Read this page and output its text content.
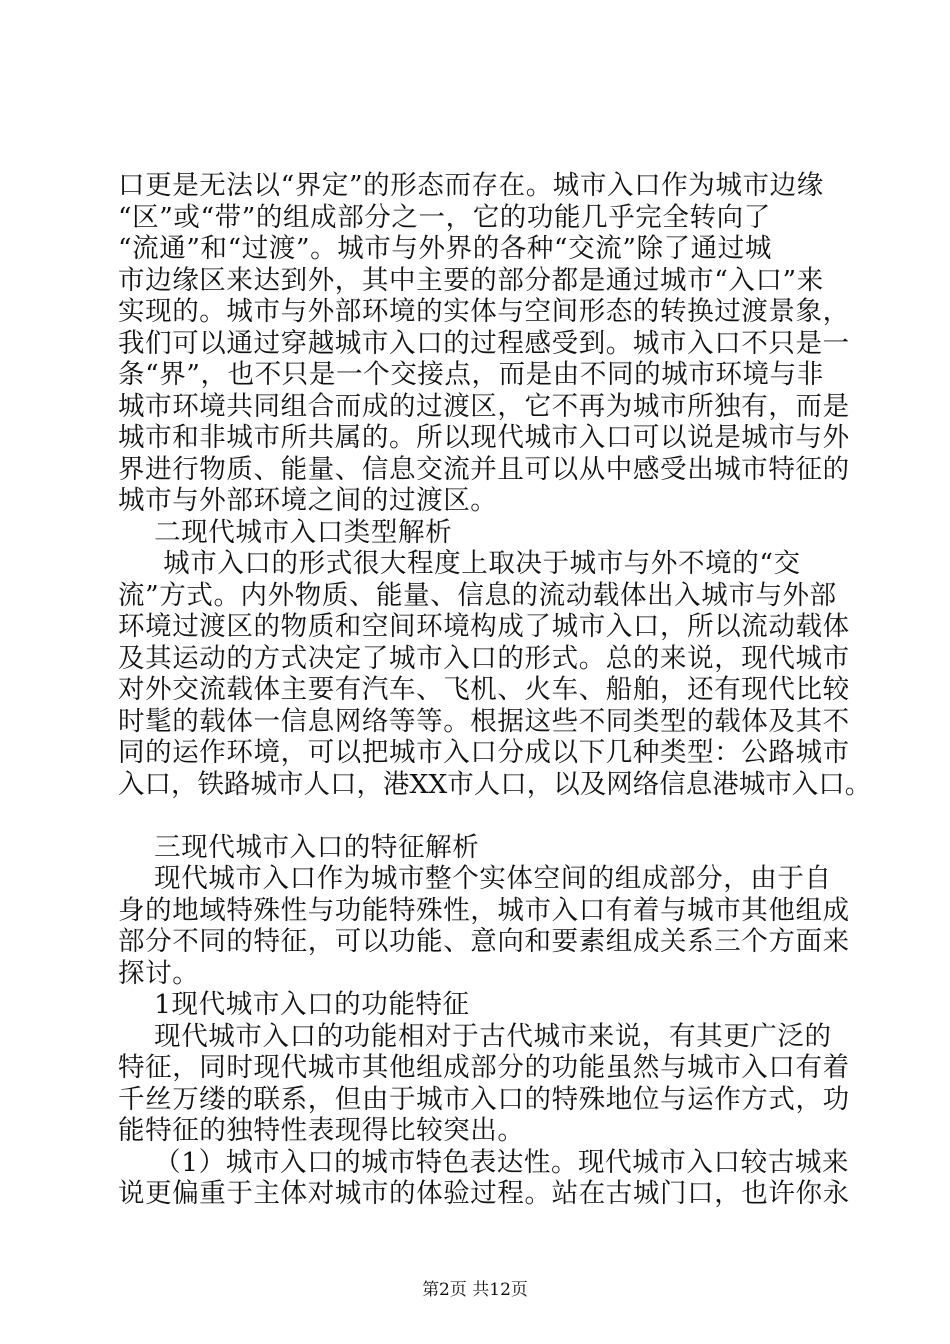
口更是无法以“界定”的形态而存在。城市入口作为城市边缘
“区”或“带”的组成部分之一，它的功能几乎完全转向了
“流通”和“过渡”。城市与外界的各种“交流”除了通过城
市边缘区来达到外，其中主要的部分都是通过城市“入口”来
实现的。城市与外部环境的实体与空间形态的转换过渡景象，
我们可以通过穿越城市入口的过程感受到。城市入口不只是一
条“界”，也不只是一个交接点，而是由不同的城市环境与非
城市环境共同组合而成的过渡区，它不再为城市所独有，而是
城市和非城市所共属的。所以现代城市入口可以说是城市与外
界进行物质、能量、信息交流并且可以从中感受出城市特征的
城市与外部环境之间的过渡区。
二现代城市入口类型解析
城市入口的形式很大程度上取决于城市与外不境的“交
流”方式。内外物质、能量、信息的流动载体出入城市与外部
环境过渡区的物质和空间环境构成了城市入口，所以流动载体
及其运动的方式决定了城市入口的形式。总的来说，现代城市
对外交流载体主要有汽车、飞机、火车、船舶，还有现代比较
时髦的载体一信息网络等等。根据这些不同类型的载体及其不
同的运作环境，可以把城市入口分成以下几种类型：公路城市
入口，铁路城市人口，港XX市人口，以及网络信息港城市入口。
三现代城市入口的特征解析
现代城市入口作为城市整个实体空间的组成部分，由于自
身的地域特殊性与功能特殊性，城市入口有着与城市其他组成
部分不同的特征，可以功能、意向和要素组成关系三个方面来
探讨。
1现代城市入口的功能特征
现代城市入口的功能相对于古代城市来说，有其更广泛的
特征，同时现代城市其他组成部分的功能虽然与城市入口有着
千丝万缕的联系，但由于城市入口的特殊地位与运作方式，功
能特征的独特性表现得比较突出。
（1）城市入口的城市特色表达性。现代城市入口较古城来
说更偏重于主体对城市的体验过程。站在古城门口，也许你永
第2页 共12页
